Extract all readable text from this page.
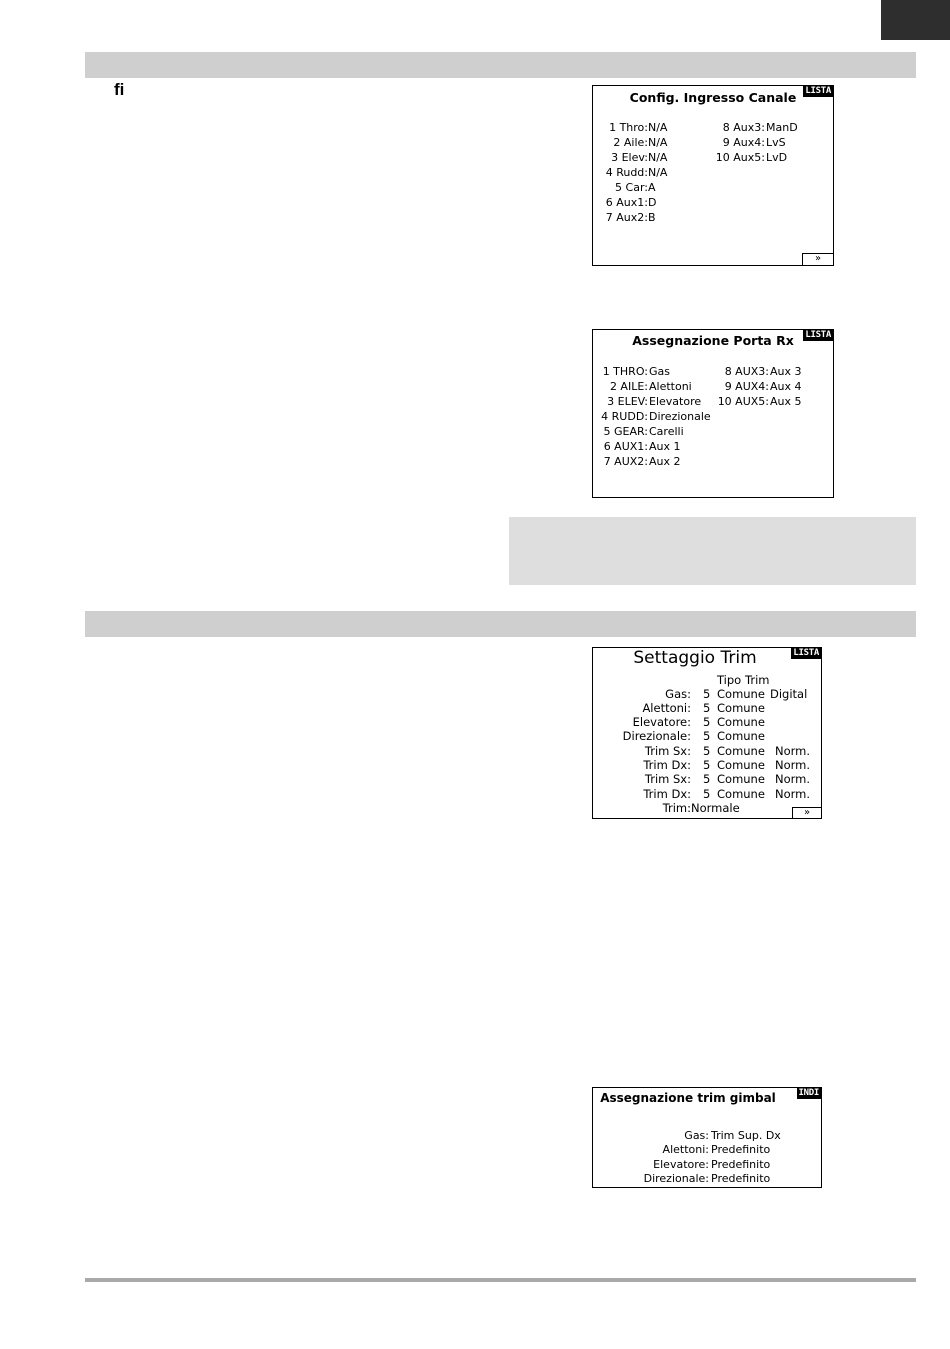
fi	Config. Ingresso Canale	LISTA
1 Thro: N/A
2 Aile: N/A
3 Elev: N/A
4 Rudd: N/A
5 Car: A
6 Aux1: D
7 Aux2: B
8 Aux3: ManD
9 Aux4: LvS
10 Aux5: LvD
»
Assegnazione Porta Rx	LISTA
1 THRO: Gas
2 AILE: Alettoni
3 ELEV: Elevatore
4 RUDD: Direzionale
5 GEAR: Carelli
6 AUX1: Aux 1
7 AUX2: Aux 2
8 AUX3: Aux 3
9 AUX4: Aux 4
10 AUX5: Aux 5
Settaggio Trim	LISTA
Tipo Trim
Gas: 5 Comune Digital
Alettoni: 5 Comune
Elevatore: 5 Comune
Direzionale: 5 Comune
Trim Sx: 5 Comune Norm.
Trim Dx: 5 Comune Norm.
Trim Sx: 5 Comune Norm.
Trim Dx: 5 Comune Norm.
Trim: Normale	»
Assegnazione trim gimbal	INDI
Gas: Trim Sup. Dx
Alettoni: Predefinito
Elevatore: Predefinito
Direzionale: Predefinito
